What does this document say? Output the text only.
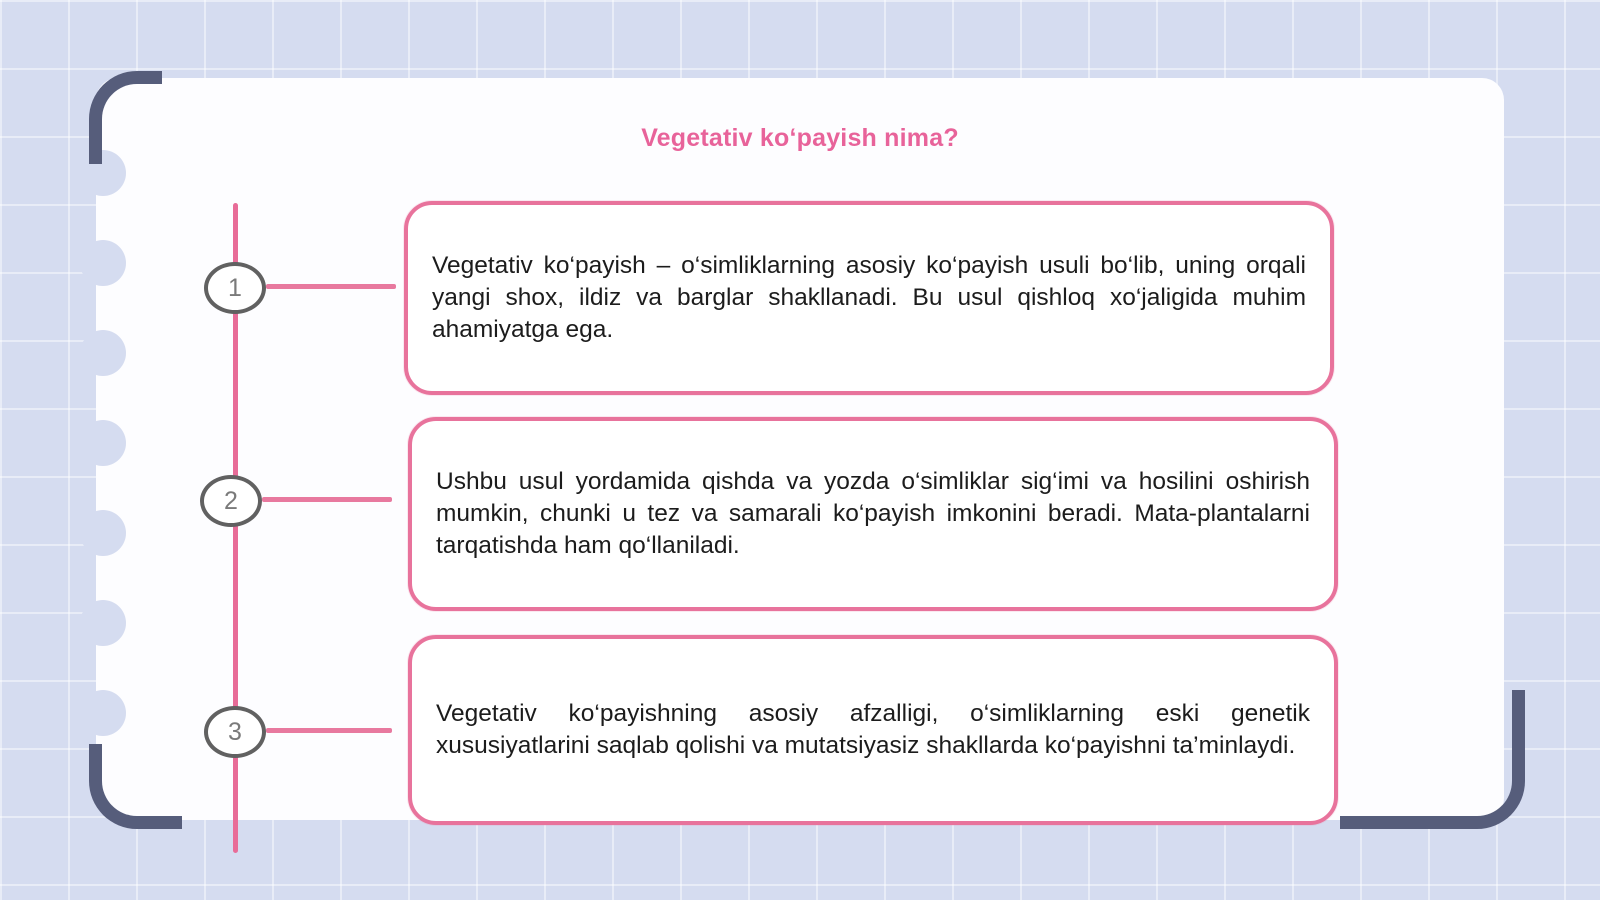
Vegetativ ko‘payish nima?
1

Vegetativ ko‘payish – o‘simliklarning asosiy ko‘payish usuli bo‘lib, uning orqali yangi shox, ildiz va barglar shakllanadi. Bu usul qishloq xo‘jaligida muhim ahamiyatga ega.

2

Ushbu usul yordamida qishda va yozda o‘simliklar sig‘imi va hosilini oshirish mumkin, chunki u tez va samarali ko‘payish imkonini beradi. Mata-plantalarni tarqatishda ham qo‘llaniladi.

3

Vegetativ ko‘payishning asosiy afzalligi, o‘simliklarning eski genetik xususiyatlarini saqlab qolishi va mutatsiyasiz shakllarda ko‘payishni ta’minlaydi.
